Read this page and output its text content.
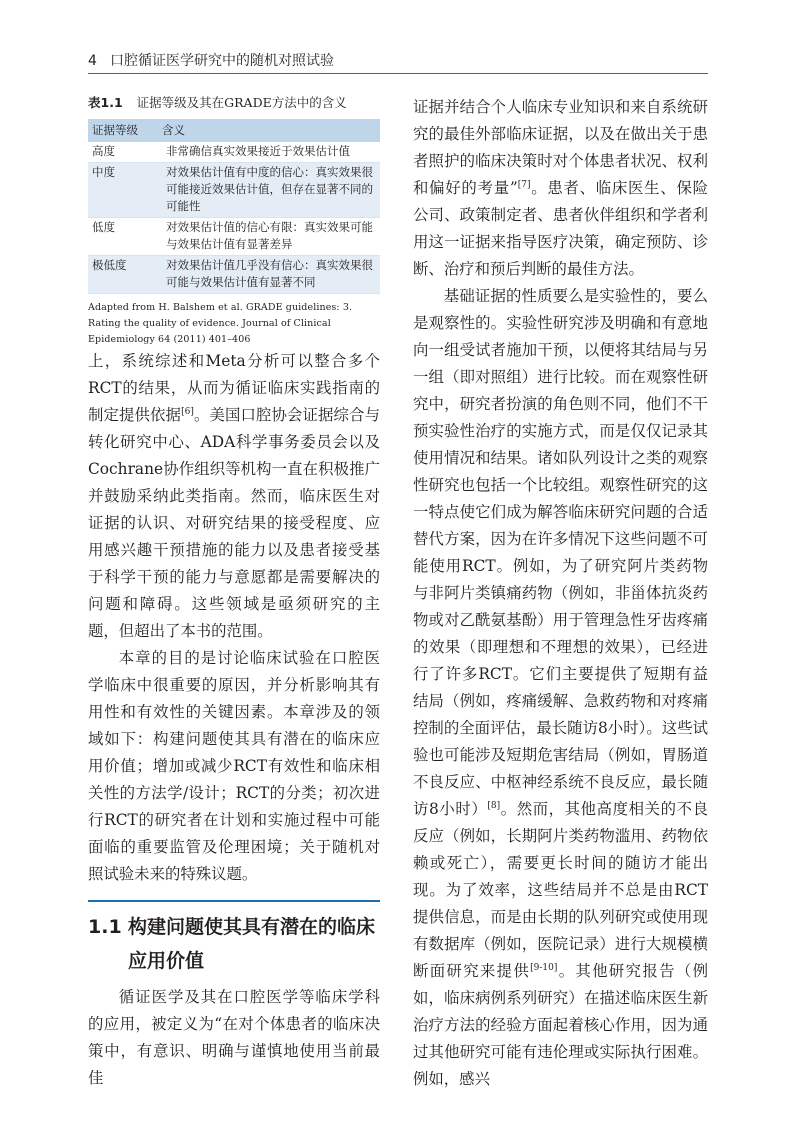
4 口腔循证医学研究中的随机对照试验
表1.1 证据等级及其在GRADE方法中的含义
证据等级	含义
高度	非常确信真实效果接近于效果估计值
中度	对效果估计值有中度的信心：真实效果很可能接近效果估计值，但存在显著不同的可能性
低度	对效果估计值的信心有限：真实效果可能与效果估计值有显著差异
极低度	对效果估计值几乎没有信心：真实效果很可能与效果估计值有显著不同
Adapted from H. Balshem et al. GRADE guidelines: 3. Rating the quality of evidence. Journal of Clinical Epidemiology 64 (2011) 401–406

上，系统综述和Meta分析可以整合多个RCT的结果，从而为循证临床实践指南的制定提供依据[6]。美国口腔协会证据综合与转化研究中心、ADA科学事务委员会以及Cochrane协作组织等机构一直在积极推广并鼓励采纳此类指南。然而，临床医生对证据的认识、对研究结果的接受程度、应用感兴趣干预措施的能力以及患者接受基于科学干预的能力与意愿都是需要解决的问题和障碍。这些领域是亟须研究的主题，但超出了本书的范围。

本章的目的是讨论临床试验在口腔医学临床中很重要的原因，并分析影响其有用性和有效性的关键因素。本章涉及的领域如下：构建问题使其具有潜在的临床应用价值；增加或减少RCT有效性和临床相关性的方法学/设计；RCT的分类；初次进行RCT的研究者在计划和实施过程中可能面临的重要监管及伦理困境；关于随机对照试验未来的特殊议题。

1.1 构建问题使其具有潜在的临床应用价值

循证医学及其在口腔医学等临床学科的应用，被定义为“在对个体患者的临床决策中，有意识、明确与谨慎地使用当前最佳

证据并结合个人临床专业知识和来自系统研究的最佳外部临床证据，以及在做出关于患者照护的临床决策时对个体患者状况、权利和偏好的考量”[7]。患者、临床医生、保险公司、政策制定者、患者伙伴组织和学者利用这一证据来指导医疗决策，确定预防、诊断、治疗和预后判断的最佳方法。

基础证据的性质要么是实验性的，要么是观察性的。实验性研究涉及明确和有意地向一组受试者施加干预，以便将其结局与另一组（即对照组）进行比较。而在观察性研究中，研究者扮演的角色则不同，他们不干预实验性治疗的实施方式，而是仅仅记录其使用情况和结果。诸如队列设计之类的观察性研究也包括一个比较组。观察性研究的这一特点使它们成为解答临床研究问题的合适替代方案，因为在许多情况下这些问题不可能使用RCT。例如，为了研究阿片类药物与非阿片类镇痛药物（例如，非甾体抗炎药物或对乙酰氨基酚）用于管理急性牙齿疼痛的效果（即理想和不理想的效果），已经进行了许多RCT。它们主要提供了短期有益结局（例如，疼痛缓解、急救药物和对疼痛控制的全面评估，最长随访8小时）。这些试验也可能涉及短期危害结局（例如，胃肠道不良反应、中枢神经系统不良反应，最长随访8小时）[8]。然而，其他高度相关的不良反应（例如，长期阿片类药物滥用、药物依赖或死亡），需要更长时间的随访才能出现。为了效率，这些结局并不总是由RCT提供信息，而是由长期的队列研究或使用现有数据库（例如，医院记录）进行大规模横断面研究来提供[9-10]。其他研究报告（例如，临床病例系列研究）在描述临床医生新治疗方法的经验方面起着核心作用，因为通过其他研究可能有违伦理或实际执行困难。例如，感兴
